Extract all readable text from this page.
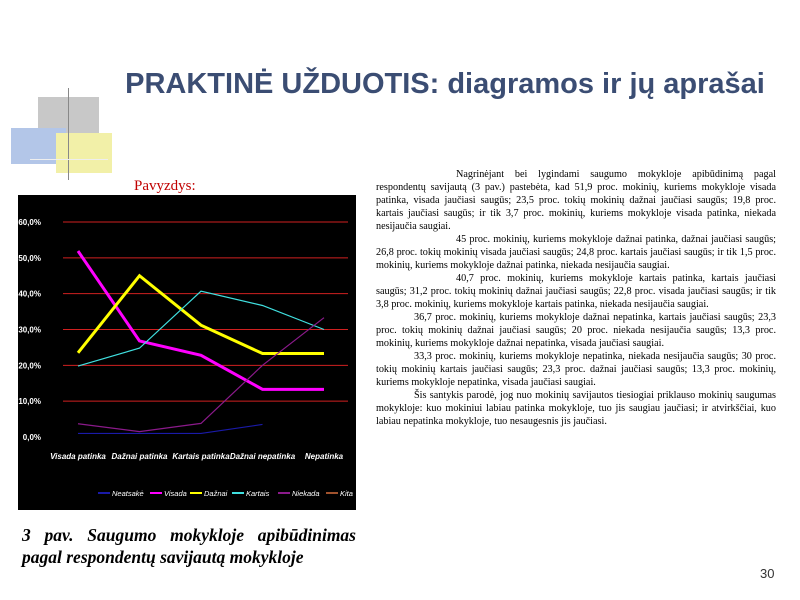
PRAKTINĖ UŽDUOTIS: diagramos ir jų aprašai
Pavyzdys:
60,0%
50,0%
40,0%
30,0%
20,0%
10,0%
0,0%
Visada patinka Dažnai patinka Kartais patinka Dažnai nepatinka Nepatinka
Neatsakė	Visada Dažnai Kartais	Niekada	Kita
3 pav. Saugumo mokykloje apibūdinimas pagal respondentų savijautą mokykloje

Nagrinėjant bei lygindami saugumo mokykloje apibūdinimą pagal respondentų savijautą (3 pav.) pastebėta, kad 51,9 proc. mokinių, kuriems mokykloje visada patinka, visada jaučiasi saugūs; 23,5 proc. tokių mokinių dažnai jaučiasi saugūs; 19,8 proc. kartais jaučiasi saugūs; ir tik 3,7 proc. mokinių, kuriems mokykloje visada patinka, niekada nesijaučia saugiai.

45 proc. mokinių, kuriems mokykloje dažnai patinka, dažnai jaučiasi saugūs; 26,8 proc. tokių mokinių visada jaučiasi saugūs; 24,8 proc. kartais jaučiasi saugūs; ir tik 1,5 proc. mokinių, kuriems mokykloje dažnai patinka, niekada nesijaučia saugiai.

40,7 proc. mokinių, kuriems mokykloje kartais patinka, kartais jaučiasi saugūs; 31,2 proc. tokių mokinių dažnai jaučiasi saugūs; 22,8 proc. visada jaučiasi saugūs; ir tik 3,8 proc. mokinių, kuriems mokykloje kartais patinka, niekada nesijaučia saugiai.

36,7 proc. mokinių, kuriems mokykloje dažnai nepatinka, kartais jaučiasi saugūs; 23,3 proc. tokių mokinių dažnai jaučiasi saugūs; 20 proc. niekada nesijaučia saugūs; 13,3 proc. mokinių, kuriems mokykloje dažnai nepatinka, visada jaučiasi saugiai.

33,3 proc. mokinių, kuriems mokykloje nepatinka, niekada nesijaučia saugūs; 30 proc. tokių mokinių kartais jaučiasi saugūs; 23,3 proc. dažnai jaučiasi saugūs; 13,3 proc. mokinių, kuriems mokykloje nepatinka, visada jaučiasi saugiai.

Šis santykis parodė, jog nuo mokinių savijautos tiesiogiai priklauso mokinių saugumas mokykloje: kuo mokiniui labiau patinka mokykloje, tuo jis saugiau jaučiasi; ir atvirkščiai, kuo labiau nepatinka mokykloje, tuo nesaugesnis jis jaučiasi.

30
